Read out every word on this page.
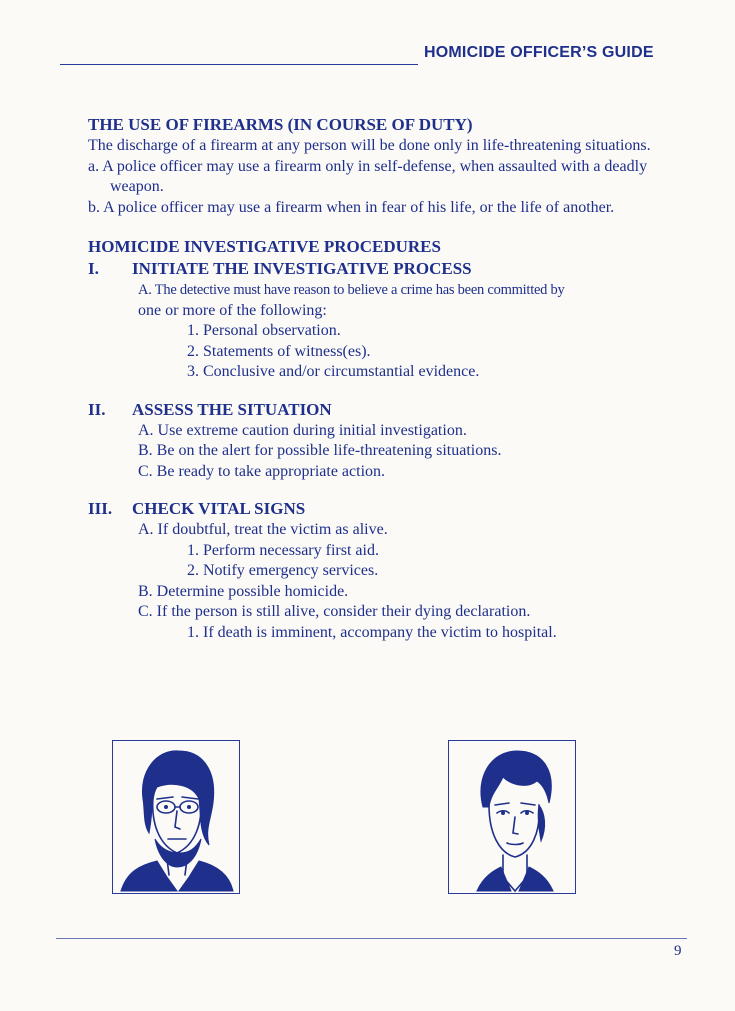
HOMICIDE OFFICER’S GUIDE

THE USE OF FIREARMS (IN COURSE OF DUTY)

The discharge of a firearm at any person will be done only in life-threatening situations.

a. A police officer may use a firearm only in self-defense, when assaulted with a deadly weapon.

b. A police officer may use a firearm when in fear of his life, or the life of another.

HOMICIDE INVESTIGATIVE PROCEDURES

I.	INITIATE THE INVESTIGATIVE PROCESS

A. The detective must have reason to believe a crime has been committed by

one or more of the following:

1. Personal observation.

2. Statements of witness(es).

3. Conclusive and/or circumstantial evidence.

II.	ASSESS THE SITUATION

A. Use extreme caution during initial investigation.

B. Be on the alert for possible life-threatening situations.

C. Be ready to take appropriate action.

III.	CHECK VITAL SIGNS

A. If doubtful, treat the victim as alive.

1. Perform necessary first aid.

2. Notify emergency services.

B. Determine possible homicide.

C. If the person is still alive, consider their dying declaration.

1. If death is imminent, accompany the victim to hospital.

9
